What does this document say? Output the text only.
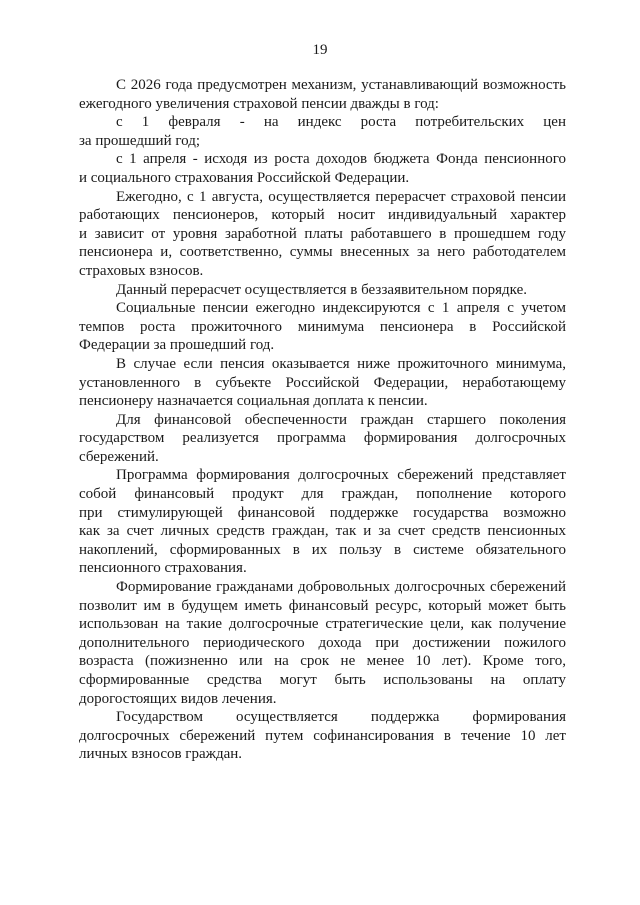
19
С 2026 года предусмотрен механизм, устанавливающий возможность
ежегодного увеличения страховой пенсии дважды в год:
с 1 февраля - на индекс роста потребительских цен
за прошедший год;
с 1 апреля - исходя из роста доходов бюджета Фонда пенсионного
и социального страхования Российской Федерации.
Ежегодно, с 1 августа, осуществляется перерасчет страховой пенсии
работающих пенсионеров, который носит индивидуальный характер
и зависит от уровня заработной платы работавшего в прошедшем году
пенсионера и, соответственно, суммы внесенных за него работодателем
страховых взносов.
Данный перерасчет осуществляется в беззаявительном порядке.
Социальные пенсии ежегодно индексируются с 1 апреля с учетом
темпов роста прожиточного минимума пенсионера в Российской
Федерации за прошедший год.
В случае если пенсия оказывается ниже прожиточного минимума,
установленного в субъекте Российской Федерации, неработающему
пенсионеру назначается социальная доплата к пенсии.
Для финансовой обеспеченности граждан старшего поколения
государством реализуется программа формирования долгосрочных
сбережений.
Программа формирования долгосрочных сбережений представляет
собой финансовый продукт для граждан, пополнение которого
при стимулирующей финансовой поддержке государства возможно
как за счет личных средств граждан, так и за счет средств пенсионных
накоплений, сформированных в их пользу в системе обязательного
пенсионного страхования.
Формирование гражданами добровольных долгосрочных сбережений
позволит им в будущем иметь финансовый ресурс, который может быть
использован на такие долгосрочные стратегические цели, как получение
дополнительного периодического дохода при достижении пожилого
возраста (пожизненно или на срок не менее 10 лет). Кроме того,
сформированные средства могут быть использованы на оплату
дорогостоящих видов лечения.
Государством осуществляется поддержка формирования
долгосрочных сбережений путем софинансирования в течение 10 лет
личных взносов граждан.
